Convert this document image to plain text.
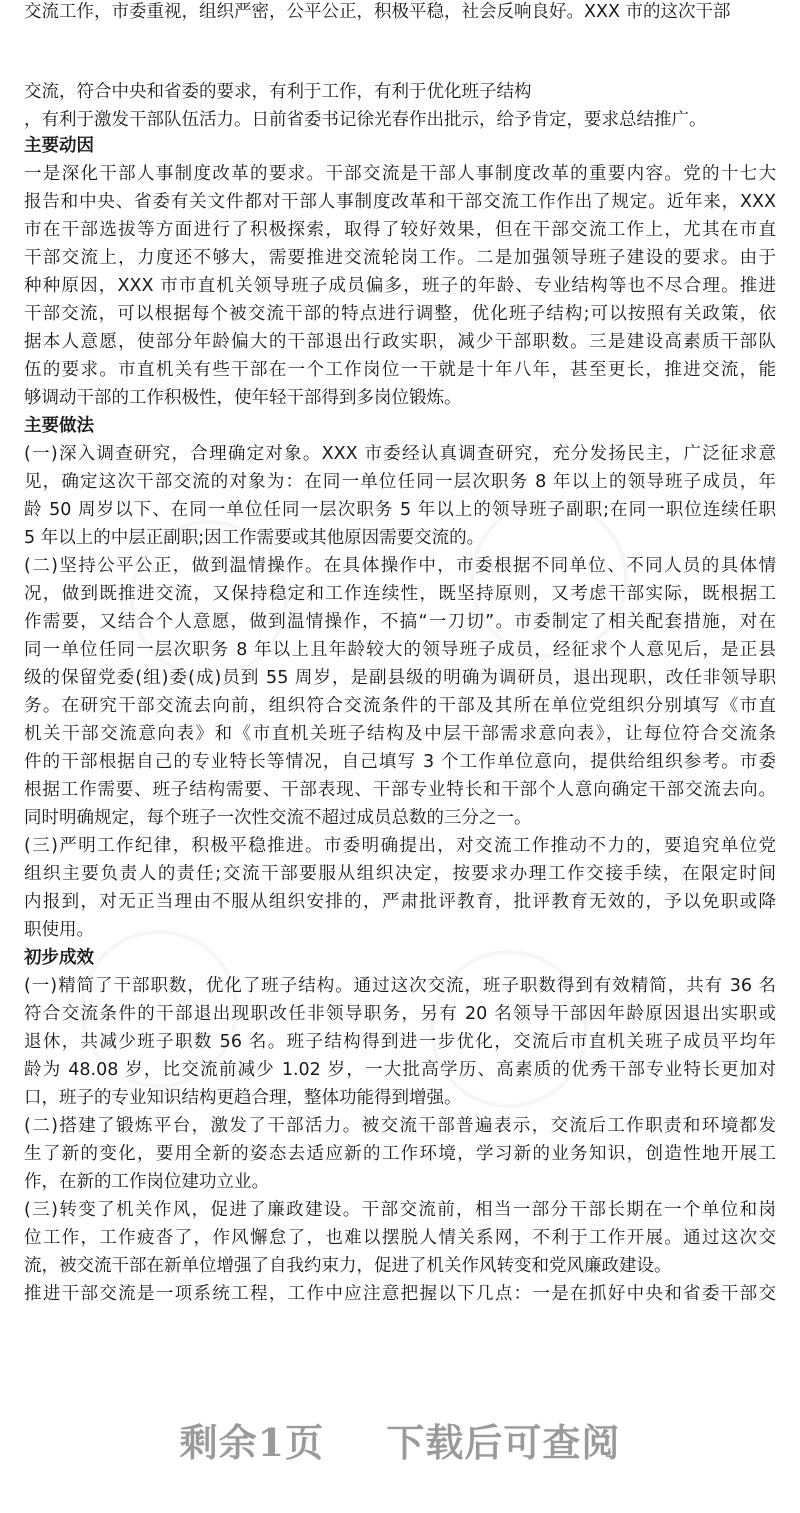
交流工作，市委重视，组织严密，公平公正，积极平稳，社会反响良好。XXX 市的这次干部
交流，符合中央和省委的要求，有利于工作，有利于优化班子结构
，有利于激发干部队伍活力。日前省委书记徐光春作出批示，给予肯定，要求总结推广。
主要动因
一是深化干部人事制度改革的要求。干部交流是干部人事制度改革的重要内容。党的十七大
报告和中央、省委有关文件都对干部人事制度改革和干部交流工作作出了规定。近年来，XXX
市在干部选拔等方面进行了积极探索，取得了较好效果，但在干部交流工作上，尤其在市直
干部交流上，力度还不够大，需要推进交流轮岗工作。二是加强领导班子建设的要求。由于
种种原因，XXX 市市直机关领导班子成员偏多，班子的年龄、专业结构等也不尽合理。推进
干部交流，可以根据每个被交流干部的特点进行调整，优化班子结构;可以按照有关政策，依
据本人意愿，使部分年龄偏大的干部退出行政实职，减少干部职数。三是建设高素质干部队
伍的要求。市直机关有些干部在一个工作岗位一干就是十年八年，甚至更长，推进交流，能
够调动干部的工作积极性，使年轻干部得到多岗位锻炼。
主要做法
(一)深入调查研究，合理确定对象。XXX 市委经认真调查研究，充分发扬民主，广泛征求意
见，确定这次干部交流的对象为：在同一单位任同一层次职务 8 年以上的领导班子成员，年
龄 50 周岁以下、在同一单位任同一层次职务 5 年以上的领导班子副职;在同一职位连续任职
5 年以上的中层正副职;因工作需要或其他原因需要交流的。
(二)坚持公平公正，做到温情操作。在具体操作中，市委根据不同单位、不同人员的具体情
况，做到既推进交流，又保持稳定和工作连续性，既坚持原则，又考虑干部实际，既根据工
作需要，又结合个人意愿，做到温情操作，不搞“一刀切”。市委制定了相关配套措施，对在
同一单位任同一层次职务 8 年以上且年龄较大的领导班子成员，经征求个人意见后，是正县
级的保留党委(组)委(成)员到 55 周岁，是副县级的明确为调研员，退出现职，改任非领导职
务。在研究干部交流去向前，组织符合交流条件的干部及其所在单位党组织分别填写《市直
机关干部交流意向表》和《市直机关班子结构及中层干部需求意向表》，让每位符合交流条
件的干部根据自己的专业特长等情况，自己填写 3 个工作单位意向，提供给组织参考。市委
根据工作需要、班子结构需要、干部表现、干部专业特长和干部个人意向确定干部交流去向。
同时明确规定，每个班子一次性交流不超过成员总数的三分之一。
(三)严明工作纪律，积极平稳推进。市委明确提出，对交流工作推动不力的，要追究单位党
组织主要负责人的责任;交流干部要服从组织决定，按要求办理工作交接手续，在限定时间
内报到，对无正当理由不服从组织安排的，严肃批评教育，批评教育无效的，予以免职或降
职使用。
初步成效
(一)精简了干部职数，优化了班子结构。通过这次交流，班子职数得到有效精简，共有 36 名
符合交流条件的干部退出现职改任非领导职务，另有 20 名领导干部因年龄原因退出实职或
退休，共减少班子职数 56 名。班子结构得到进一步优化，交流后市直机关班子成员平均年
龄为 48.08 岁，比交流前减少 1.02 岁，一大批高学历、高素质的优秀干部专业特长更加对
口，班子的专业知识结构更趋合理，整体功能得到增强。
(二)搭建了锻炼平台，激发了干部活力。被交流干部普遍表示，交流后工作职责和环境都发
生了新的变化，要用全新的姿态去适应新的工作环境，学习新的业务知识，创造性地开展工
作，在新的工作岗位建功立业。
(三)转变了机关作风，促进了廉政建设。干部交流前，相当一部分干部长期在一个单位和岗
位工作，工作疲沓了，作风懈怠了，也难以摆脱人情关系网，不利于工作开展。通过这次交
流，被交流干部在新单位增强了自我约束力，促进了机关作风转变和党风廉政建设。
推进干部交流是一项系统工程，工作中应注意把握以下几点：一是在抓好中央和省委干部交
剩余1页 下载后可查阅
